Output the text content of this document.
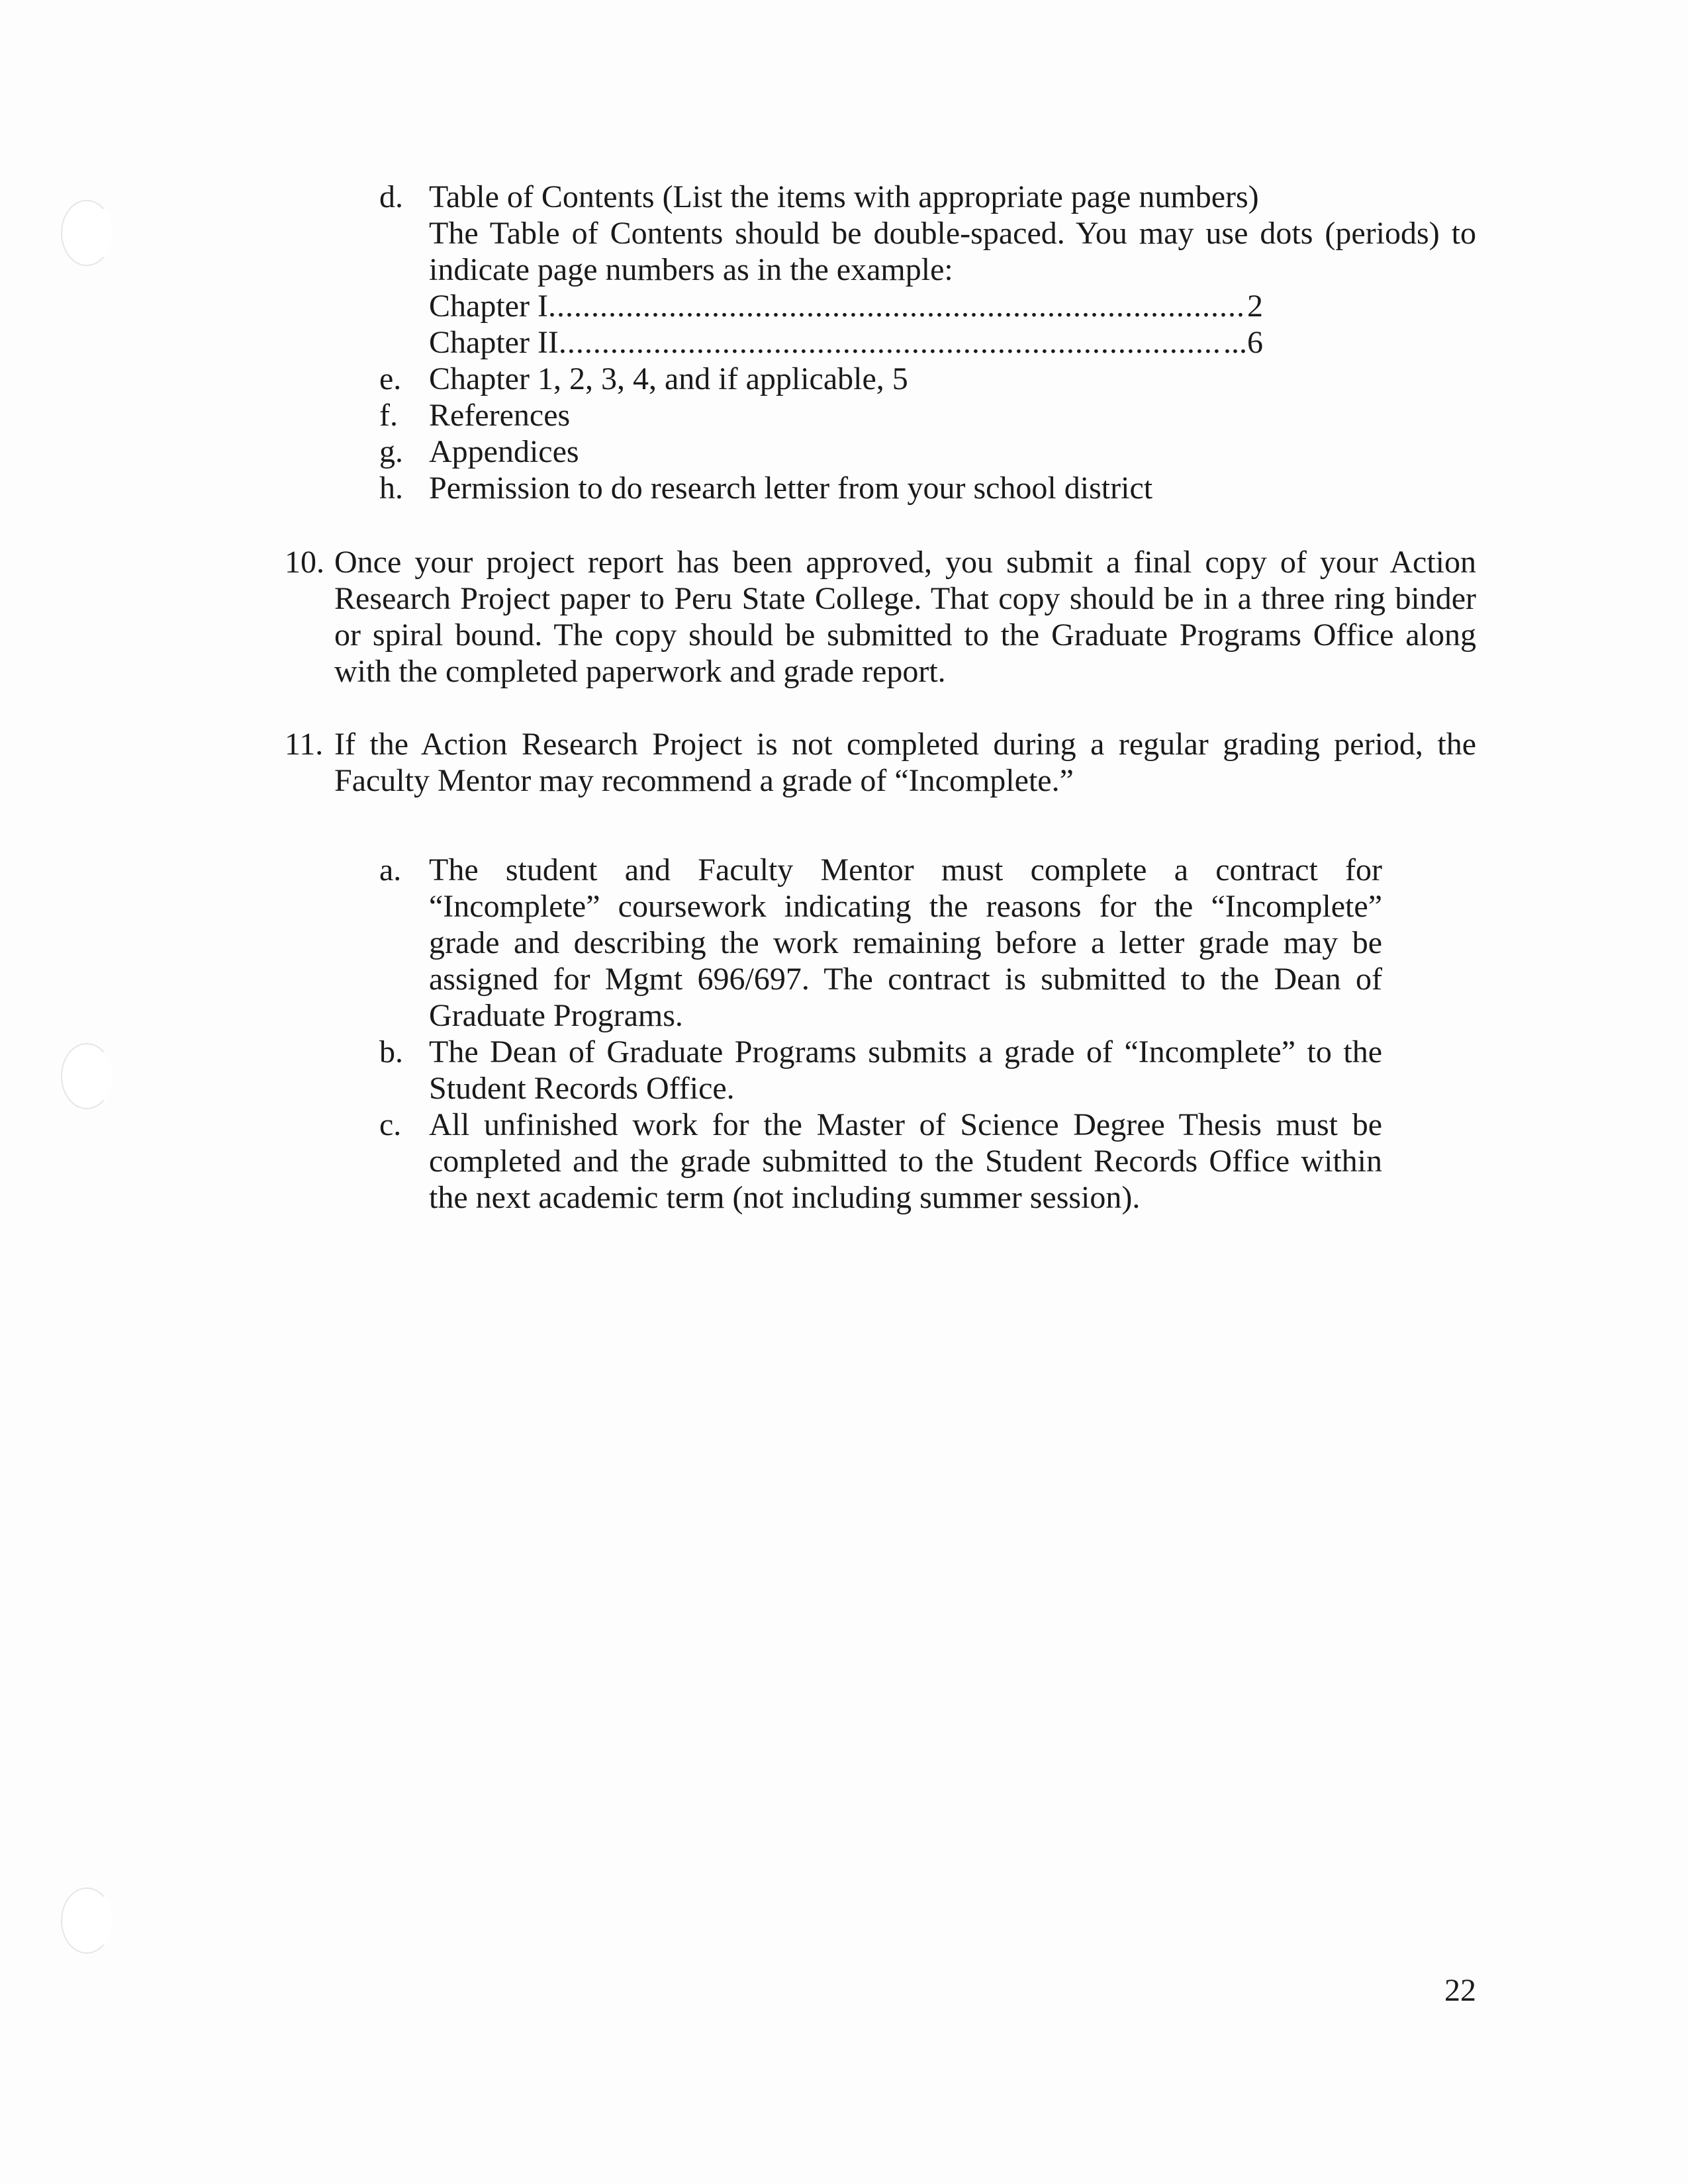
d. Table of Contents (List the items with appropriate page numbers)
The Table of Contents should be double-spaced. You may use dots (periods) to indicate page numbers as in the example:
Chapter I .....	2
Chapter II .....	...6
e. Chapter 1, 2, 3, 4, and if applicable, 5
f. References
g. Appendices
h. Permission to do research letter from your school district
10. Once your project report has been approved, you submit a final copy of your Action Research Project paper to Peru State College. That copy should be in a three ring binder or spiral bound. The copy should be submitted to the Graduate Programs Office along with the completed paperwork and grade report.
11. If the Action Research Project is not completed during a regular grading period, the Faculty Mentor may recommend a grade of “Incomplete.”
a. The student and Faculty Mentor must complete a contract for “Incomplete” coursework indicating the reasons for the “Incomplete” grade and describing the work remaining before a letter grade may be assigned for Mgmt 696/697. The contract is submitted to the Dean of Graduate Programs.
b. The Dean of Graduate Programs submits a grade of “Incomplete” to the Student Records Office.
c. All unfinished work for the Master of Science Degree Thesis must be completed and the grade submitted to the Student Records Office within the next academic term (not including summer session).
22
